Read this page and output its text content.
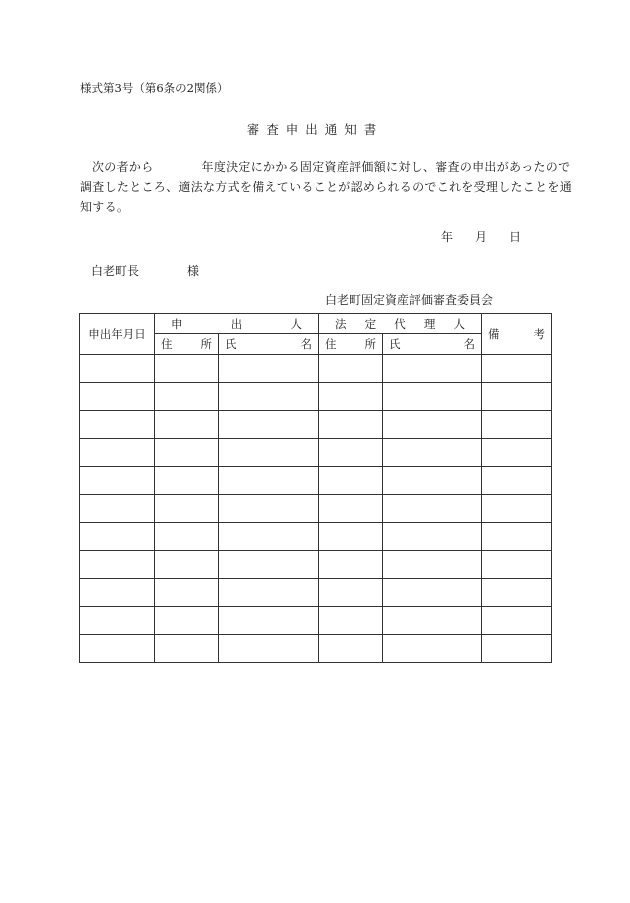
様式第3号（第6条の2関係）
審査申出通知書
次の者から	年度決定にかかる固定資産評価額に対し、審査の申出があったので
調査したところ、適法な方式を備えていることが認められるのでこれを受理したことを通
知する。
年 月 日
白老町長	様
白老町固定資産評価審査委員会
申出年月日	申 出 人		法 定 代 理 人		備 考

	住 所	氏 名	住 所	氏 名	
